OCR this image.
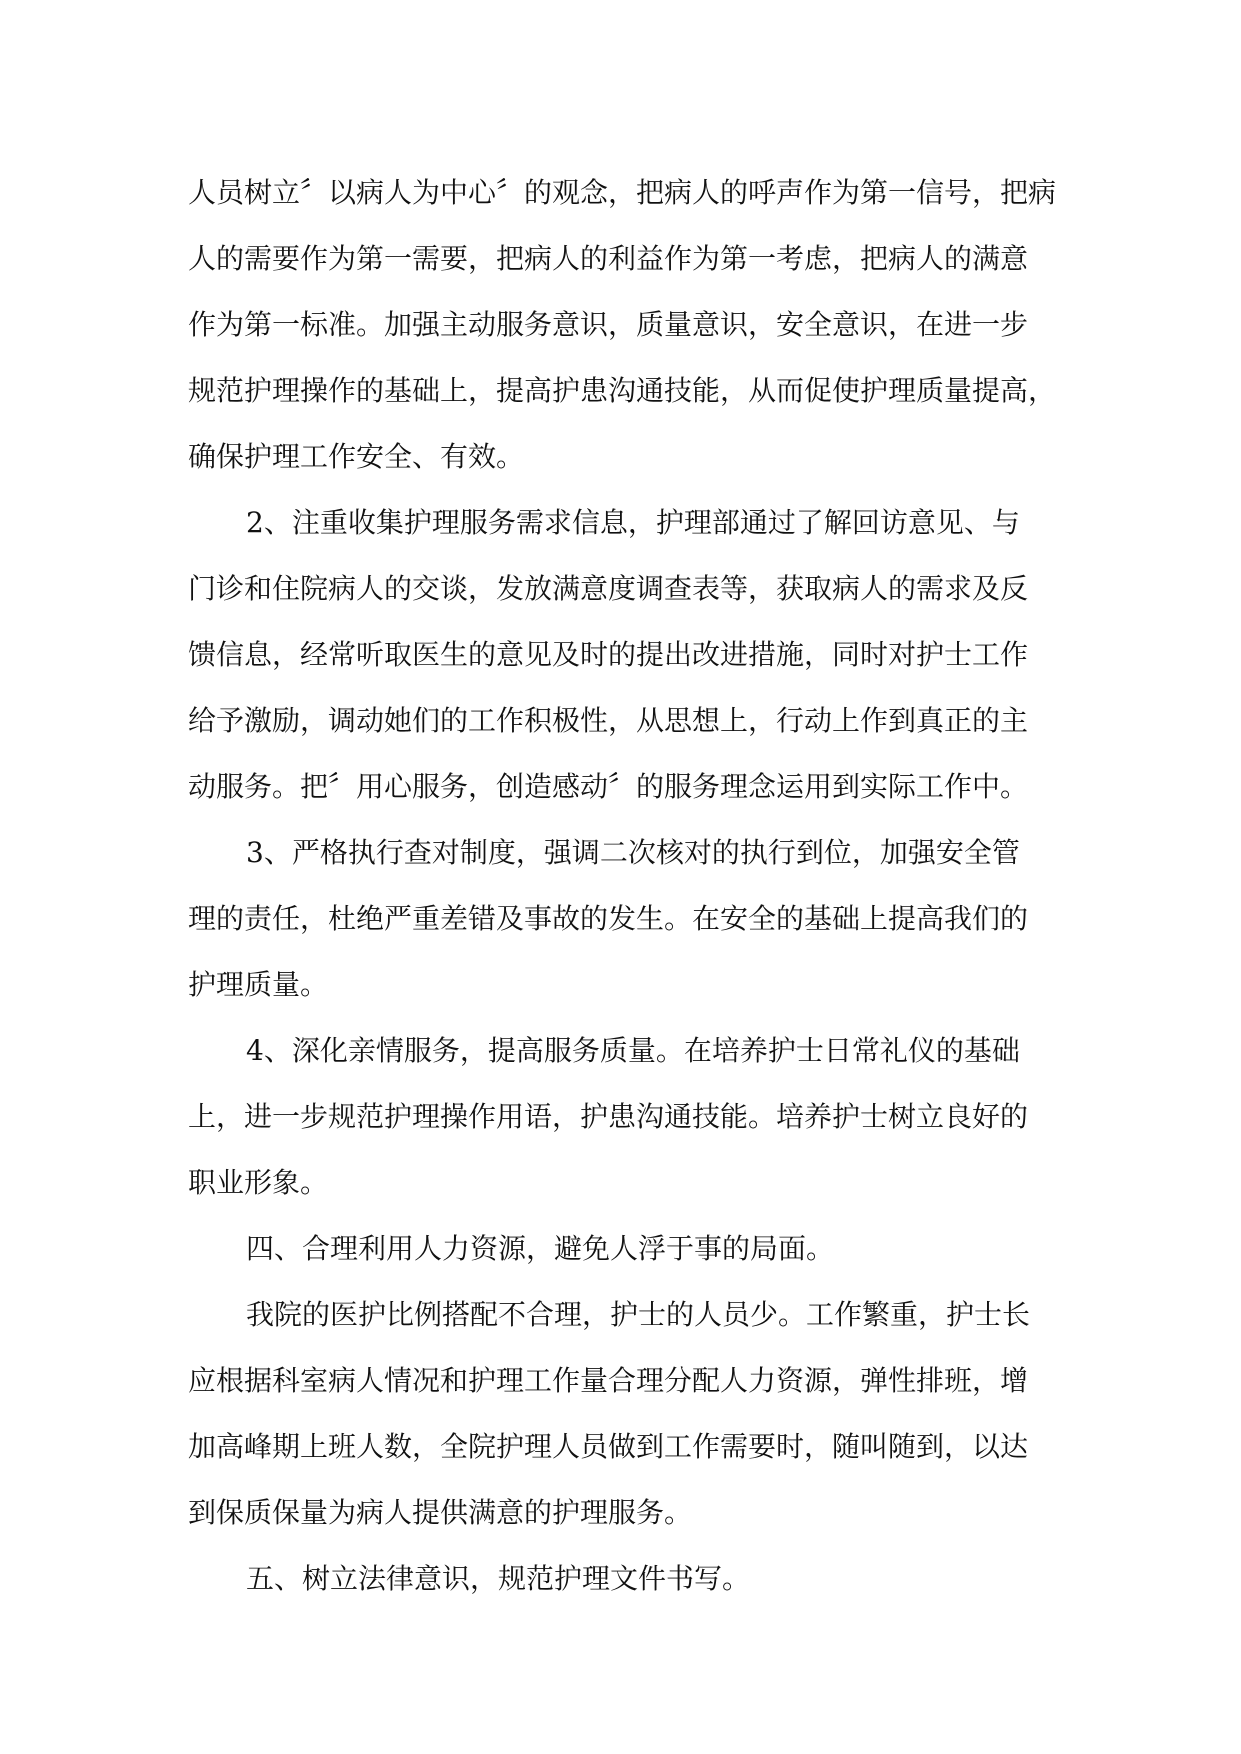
人员树立〞以病人为中心〞的观念，把病人的呼声作为第一信号，把病
人的需要作为第一需要，把病人的利益作为第一考虑，把病人的满意
作为第一标准。加强主动服务意识，质量意识，安全意识，在进一步
规范护理操作的基础上，提高护患沟通技能，从而促使护理质量提高，
确保护理工作安全、有效。
2、注重收集护理服务需求信息，护理部通过了解回访意见、与
门诊和住院病人的交谈，发放满意度调查表等，获取病人的需求及反
馈信息，经常听取医生的意见及时的提出改进措施，同时对护士工作
给予激励，调动她们的工作积极性，从思想上，行动上作到真正的主
动服务。把〞用心服务，创造感动〞的服务理念运用到实际工作中。
3、严格执行查对制度，强调二次核对的执行到位，加强安全管
理的责任，杜绝严重差错及事故的发生。在安全的基础上提高我们的
护理质量。
4、深化亲情服务，提高服务质量。在培养护士日常礼仪的基础
上，进一步规范护理操作用语，护患沟通技能。培养护士树立良好的
职业形象。
四、合理利用人力资源，避免人浮于事的局面。
我院的医护比例搭配不合理，护士的人员少。工作繁重，护士长
应根据科室病人情况和护理工作量合理分配人力资源，弹性排班，增
加高峰期上班人数，全院护理人员做到工作需要时，随叫随到，以达
到保质保量为病人提供满意的护理服务。
五、树立法律意识，规范护理文件书写。
